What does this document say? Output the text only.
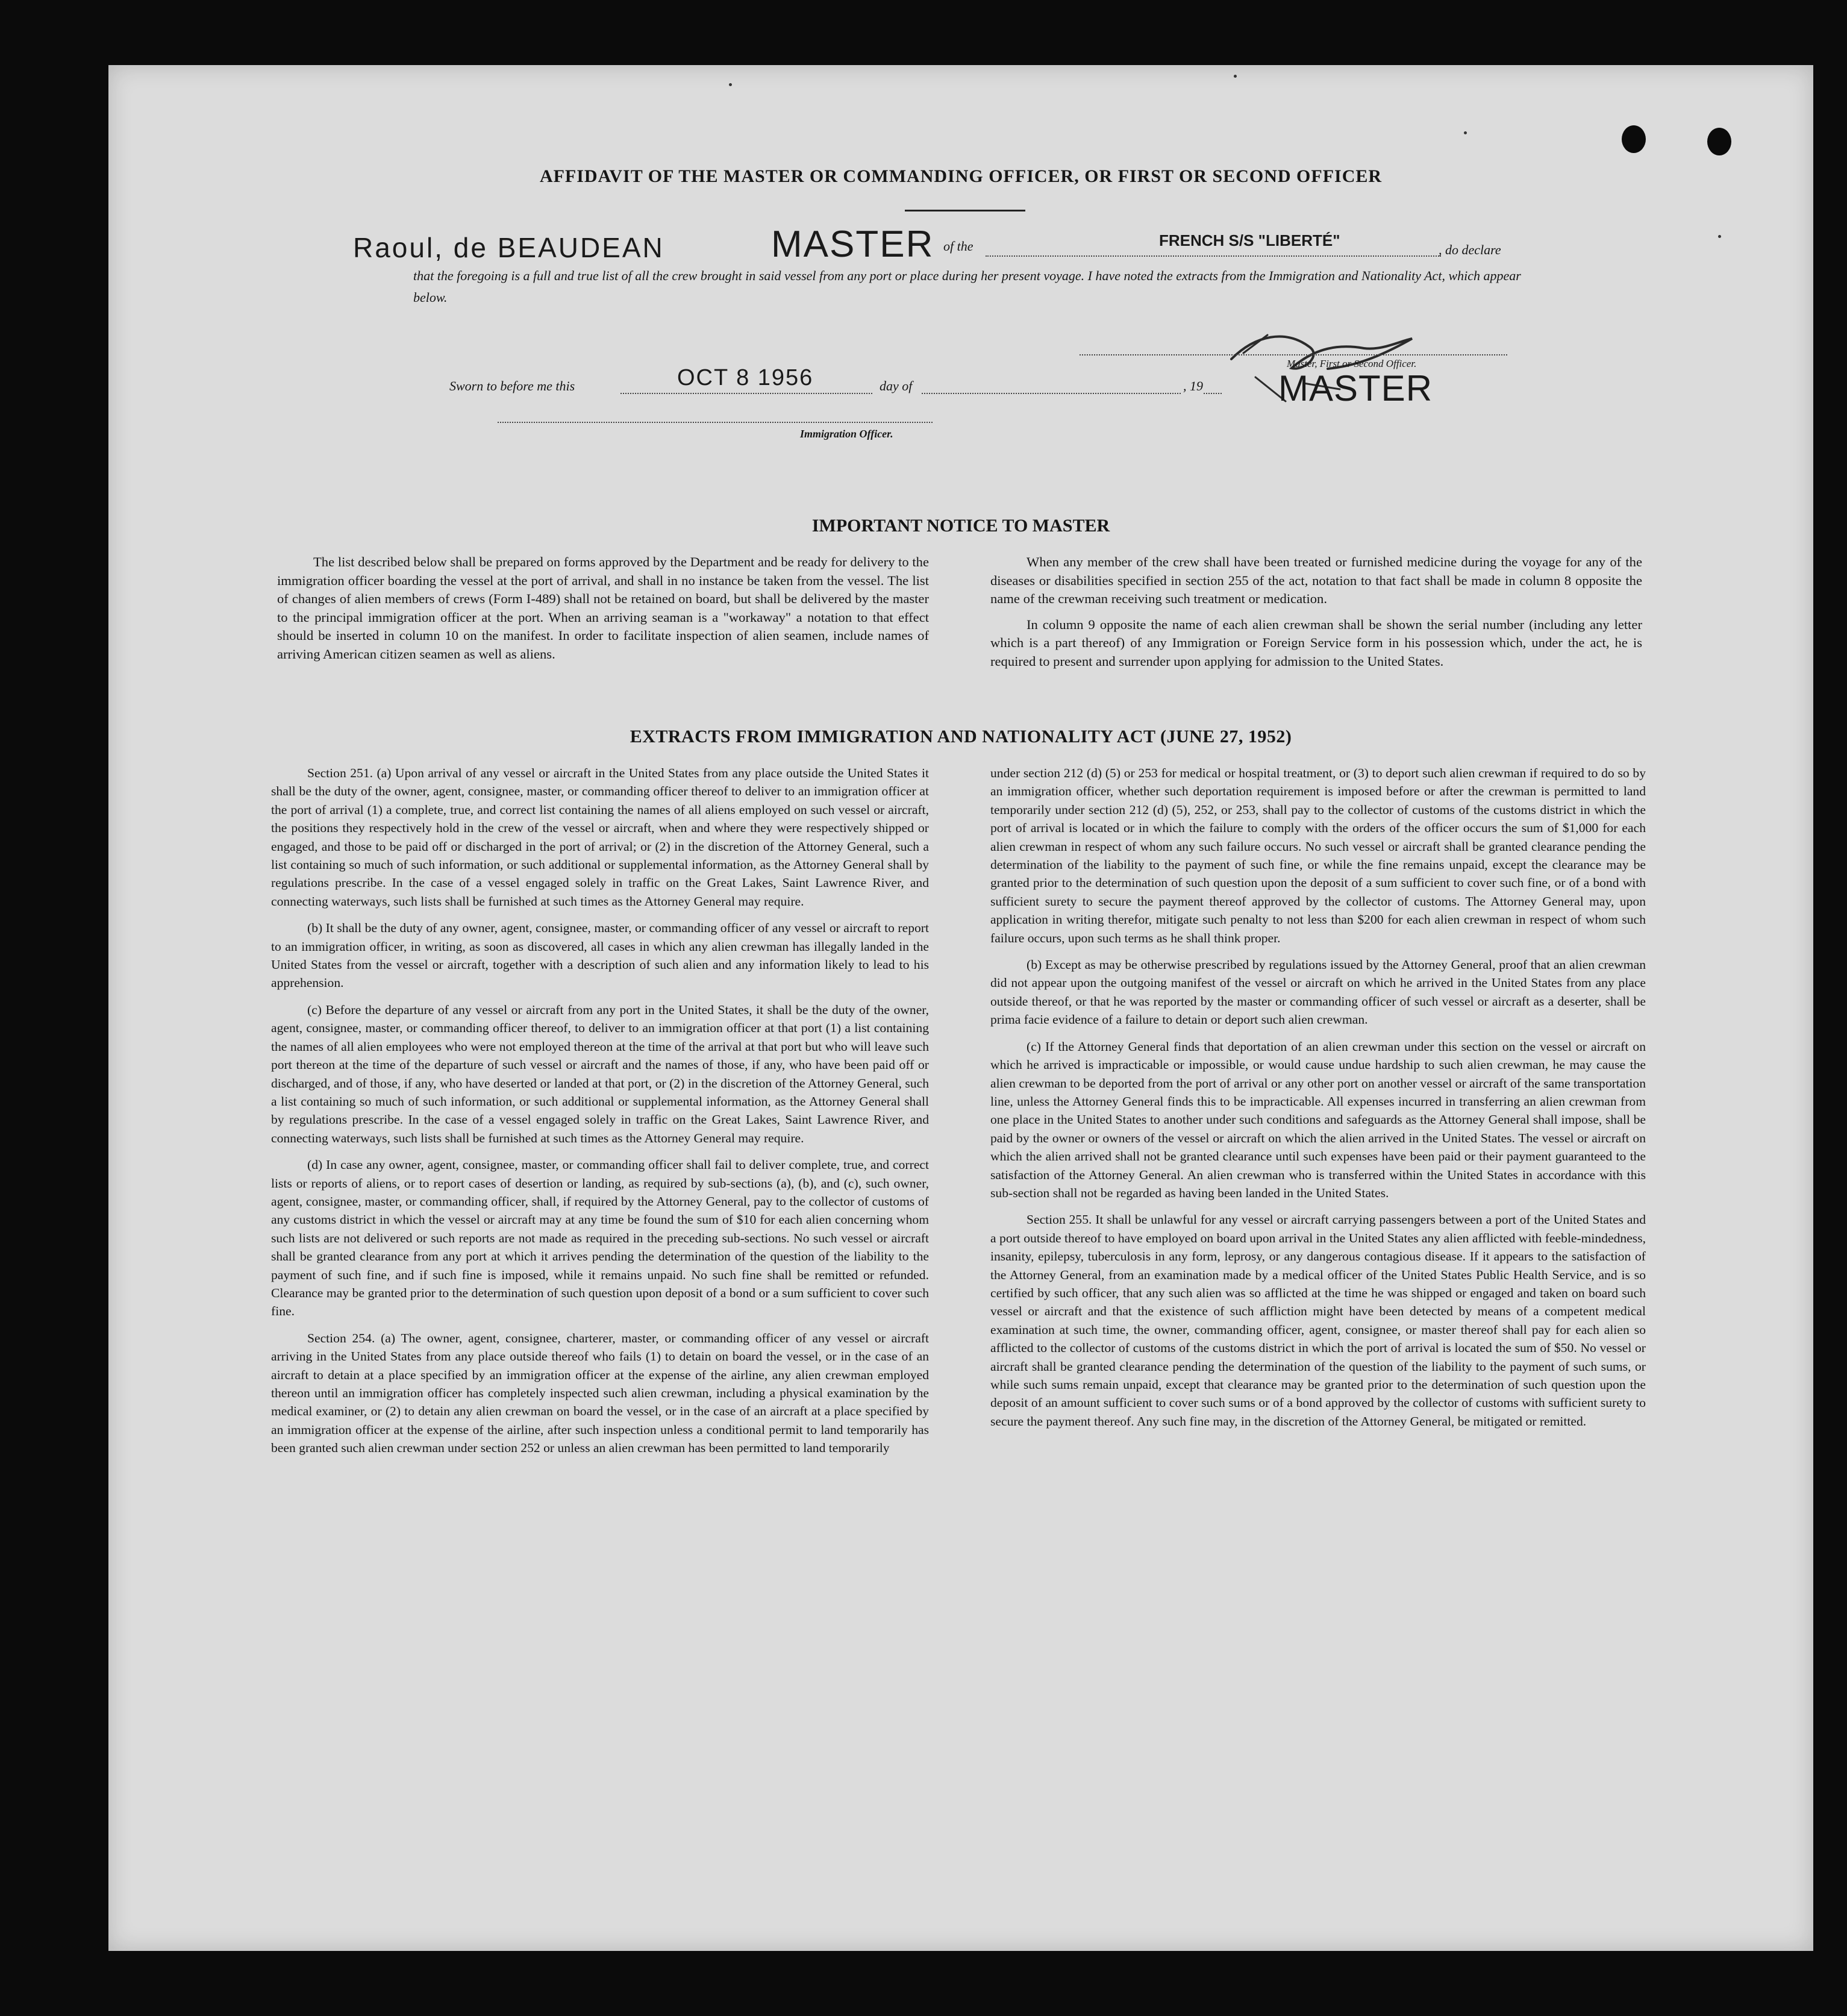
AFFIDAVIT OF THE MASTER OR COMMANDING OFFICER, OR FIRST OR SECOND OFFICER
Raoul, de BEAUDEAN	MASTER of the	FRENCH S/S "LIBERTÉ"
, do declare
that the foregoing is a full and true list of all the crew brought in said vessel from any port or place during her present voyage. I have noted the extracts from the Immigration and Nationality Act, which appear below.
Master, First or Second Officer.
MASTER
Sworn to before me this	OCT 8 1956	day of	, 19
Immigration Officer.
IMPORTANT NOTICE TO MASTER

The list described below shall be prepared on forms approved by the Department and be ready for delivery to the immigration officer boarding the vessel at the port of arrival, and shall in no instance be taken from the vessel. The list of changes of alien members of crews (Form I-489) shall not be retained on board, but shall be delivered by the master to the principal immigration officer at the port. When an arriving seaman is a "workaway" a notation to that effect should be inserted in column 10 on the manifest. In order to facilitate inspection of alien seamen, include names of arriving American citizen seamen as well as aliens.

When any member of the crew shall have been treated or furnished medicine during the voyage for any of the diseases or disabilities specified in section 255 of the act, notation to that fact shall be made in column 8 opposite the name of the crewman receiving such treatment or medication.

In column 9 opposite the name of each alien crewman shall be shown the serial number (including any letter which is a part thereof) of any Immigration or Foreign Service form in his possession which, under the act, he is required to present and surrender upon applying for admission to the United States.

EXTRACTS FROM IMMIGRATION AND NATIONALITY ACT (JUNE 27, 1952)

Section 251. (a) Upon arrival of any vessel or aircraft in the United States from any place outside the United States it shall be the duty of the owner, agent, consignee, master, or commanding officer thereof to deliver to an immigration officer at the port of arrival (1) a complete, true, and correct list containing the names of all aliens employed on such vessel or aircraft, the positions they respectively hold in the crew of the vessel or aircraft, when and where they were respectively shipped or engaged, and those to be paid off or discharged in the port of arrival; or (2) in the discretion of the Attorney General, such a list containing so much of such information, or such additional or supplemental information, as the Attorney General shall by regulations prescribe. In the case of a vessel engaged solely in traffic on the Great Lakes, Saint Lawrence River, and connecting waterways, such lists shall be furnished at such times as the Attorney General may require.

(b) It shall be the duty of any owner, agent, consignee, master, or commanding officer of any vessel or aircraft to report to an immigration officer, in writing, as soon as discovered, all cases in which any alien crewman has illegally landed in the United States from the vessel or aircraft, together with a description of such alien and any information likely to lead to his apprehension.

(c) Before the departure of any vessel or aircraft from any port in the United States, it shall be the duty of the owner, agent, consignee, master, or commanding officer thereof, to deliver to an immigration officer at that port (1) a list containing the names of all alien employees who were not employed thereon at the time of the arrival at that port but who will leave such port thereon at the time of the departure of such vessel or aircraft and the names of those, if any, who have been paid off or discharged, and of those, if any, who have deserted or landed at that port, or (2) in the discretion of the Attorney General, such a list containing so much of such information, or such additional or supplemental information, as the Attorney General shall by regulations prescribe. In the case of a vessel engaged solely in traffic on the Great Lakes, Saint Lawrence River, and connecting waterways, such lists shall be furnished at such times as the Attorney General may require.

(d) In case any owner, agent, consignee, master, or commanding officer shall fail to deliver complete, true, and correct lists or reports of aliens, or to report cases of desertion or landing, as required by sub-sections (a), (b), and (c), such owner, agent, consignee, master, or commanding officer, shall, if required by the Attorney General, pay to the collector of customs of any customs district in which the vessel or aircraft may at any time be found the sum of $10 for each alien concerning whom such lists are not delivered or such reports are not made as required in the preceding sub-sections. No such vessel or aircraft shall be granted clearance from any port at which it arrives pending the determination of the question of the liability to the payment of such fine, and if such fine is imposed, while it remains unpaid. No such fine shall be remitted or refunded. Clearance may be granted prior to the determination of such question upon deposit of a bond or a sum sufficient to cover such fine.

Section 254. (a) The owner, agent, consignee, charterer, master, or commanding officer of any vessel or aircraft arriving in the United States from any place outside thereof who fails (1) to detain on board the vessel, or in the case of an aircraft to detain at a place specified by an immigration officer at the expense of the airline, any alien crewman employed thereon until an immigration officer has completely inspected such alien crewman, including a physical examination by the medical examiner, or (2) to detain any alien crewman on board the vessel, or in the case of an aircraft at a place specified by an immigration officer at the expense of the airline, after such inspection unless a conditional permit to land temporarily has been granted such alien crewman under section 252 or unless an alien crewman has been permitted to land temporarily

under section 212 (d) (5) or 253 for medical or hospital treatment, or (3) to deport such alien crewman if required to do so by an immigration officer, whether such deportation requirement is imposed before or after the crewman is permitted to land temporarily under section 212 (d) (5), 252, or 253, shall pay to the collector of customs of the customs district in which the port of arrival is located or in which the failure to comply with the orders of the officer occurs the sum of $1,000 for each alien crewman in respect of whom any such failure occurs. No such vessel or aircraft shall be granted clearance pending the determination of the liability to the payment of such fine, or while the fine remains unpaid, except the clearance may be granted prior to the determination of such question upon the deposit of a sum sufficient to cover such fine, or of a bond with sufficient surety to secure the payment thereof approved by the collector of customs. The Attorney General may, upon application in writing therefor, mitigate such penalty to not less than $200 for each alien crewman in respect of whom such failure occurs, upon such terms as he shall think proper.

(b) Except as may be otherwise prescribed by regulations issued by the Attorney General, proof that an alien crewman did not appear upon the outgoing manifest of the vessel or aircraft on which he arrived in the United States from any place outside thereof, or that he was reported by the master or commanding officer of such vessel or aircraft as a deserter, shall be prima facie evidence of a failure to detain or deport such alien crewman.

(c) If the Attorney General finds that deportation of an alien crewman under this section on the vessel or aircraft on which he arrived is impracticable or impossible, or would cause undue hardship to such alien crewman, he may cause the alien crewman to be deported from the port of arrival or any other port on another vessel or aircraft of the same transportation line, unless the Attorney General finds this to be impracticable. All expenses incurred in transferring an alien crewman from one place in the United States to another under such conditions and safeguards as the Attorney General shall impose, shall be paid by the owner or owners of the vessel or aircraft on which the alien arrived in the United States. The vessel or aircraft on which the alien arrived shall not be granted clearance until such expenses have been paid or their payment guaranteed to the satisfaction of the Attorney General. An alien crewman who is transferred within the United States in accordance with this sub-section shall not be regarded as having been landed in the United States.

Section 255. It shall be unlawful for any vessel or aircraft carrying passengers between a port of the United States and a port outside thereof to have employed on board upon arrival in the United States any alien afflicted with feeble-mindedness, insanity, epilepsy, tuberculosis in any form, leprosy, or any dangerous contagious disease. If it appears to the satisfaction of the Attorney General, from an examination made by a medical officer of the United States Public Health Service, and is so certified by such officer, that any such alien was so afflicted at the time he was shipped or engaged and taken on board such vessel or aircraft and that the existence of such affliction might have been detected by means of a competent medical examination at such time, the owner, commanding officer, agent, consignee, or master thereof shall pay for each alien so afflicted to the collector of customs of the customs district in which the port of arrival is located the sum of $50. No vessel or aircraft shall be granted clearance pending the determination of the question of the liability to the payment of such sums, or while such sums remain unpaid, except that clearance may be granted prior to the determination of such question upon the deposit of an amount sufficient to cover such sums or of a bond approved by the collector of customs with sufficient surety to secure the payment thereof. Any such fine may, in the discretion of the Attorney General, be mitigated or remitted.
